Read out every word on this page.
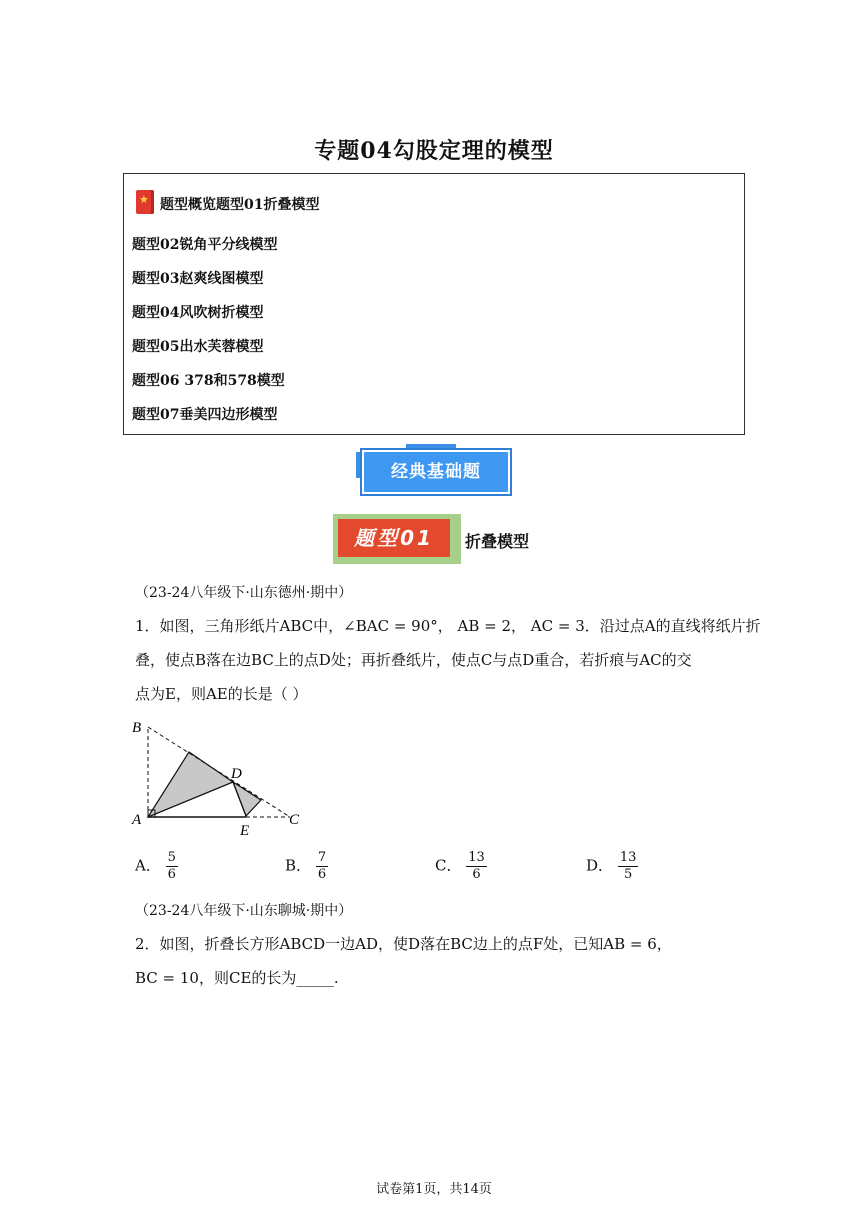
专题04勾股定理的模型
★ 题型概览题型01折叠模型
题型02锐角平分线模型
题型03赵爽线图模型
题型04风吹树折模型
题型05出水芙蓉模型
题型06 378和578模型
题型07垂美四边形模型
经典基础题
题型01	折叠模型
（23-24八年级下·山东德州·期中）
1．如图，三角形纸片ABC中，∠BAC = 90°， AB = 2， AC = 3．沿过点A的直线将纸片折
叠，使点B落在边BC上的点D处；再折叠纸片，使点C与点D重合，若折痕与AC的交
点为E，则AE的长是（ ）
B
D
A
E
C
A． $\frac{5}{6}$	B． $\frac{7}{6}$	C． $\frac{13}{6}$	D． $\frac{13}{5}$
（23-24八年级下·山东聊城·期中）
2．如图，折叠长方形ABCD一边AD，使D落在BC边上的点F处，已知AB = 6，
BC = 10，则CE的长为_____.
试卷第1页，共14页
